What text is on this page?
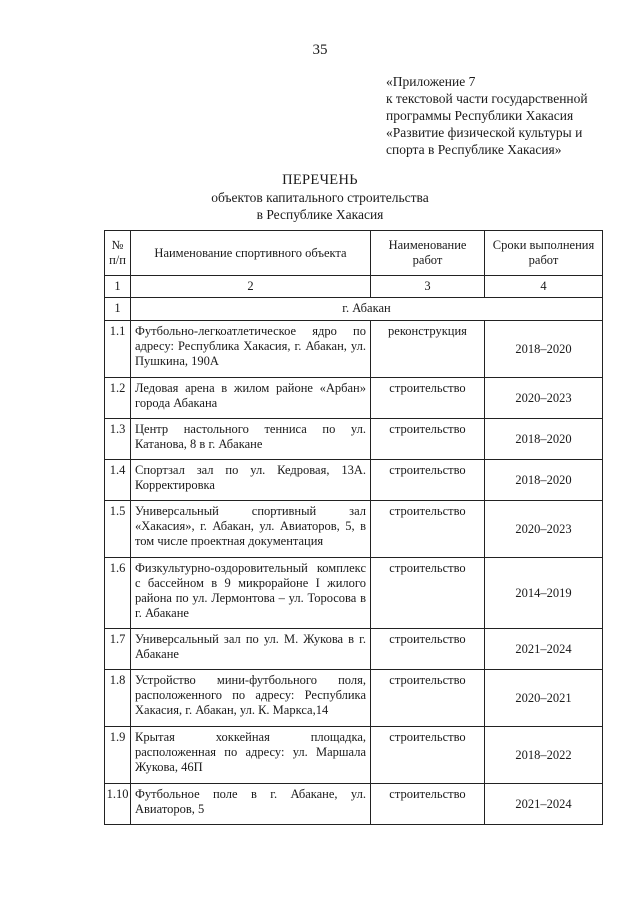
35
«Приложение 7
к текстовой части государственной
программы Республики Хакасия
«Развитие физической культуры и
спорта в Республике Хакасия»
ПЕРЕЧЕНЬ
объектов капитального строительства
в Республике Хакасия
№ п/п	Наименование спортивного объекта	Наименование работ	Сроки выполнения работ
1	2	3	4
1	г. Абакан		
1.1	Футбольно-легкоатлетическое ядро по адресу: Республика Хакасия, г. Абакан, ул. Пушкина, 190А	реконструкция	2018–2020
1.2	Ледовая арена в жилом районе «Арбан» города Абакана	строительство	2020–2023
1.3	Центр настольного тенниса по ул. Катанова, 8 в г. Абакане	строительство	2018–2020
1.4	Спортзал зал по ул. Кедровая, 13А. Корректировка	строительство	2018–2020
1.5	Универсальный спортивный зал «Хакасия», г. Абакан, ул. Авиаторов, 5, в том числе проектная документация	строительство	2020–2023
1.6	Физкультурно-оздоровительный комплекс с бассейном в 9 микрорайоне I жилого района по ул. Лермонтова – ул. Торосова в г. Абакане	строительство	2014–2019
1.7	Универсальный зал по ул. М. Жукова в г. Абакане	строительство	2021–2024
1.8	Устройство мини-футбольного поля, расположенного по адресу: Республика Хакасия, г. Абакан, ул. К. Маркса,14	строительство	2020–2021
1.9	Крытая хоккейная площадка, расположенная по адресу: ул. Маршала Жукова, 46П	строительство	2018–2022
1.10	Футбольное поле в г. Абакане, ул. Авиаторов, 5	строительство	2021–2024
